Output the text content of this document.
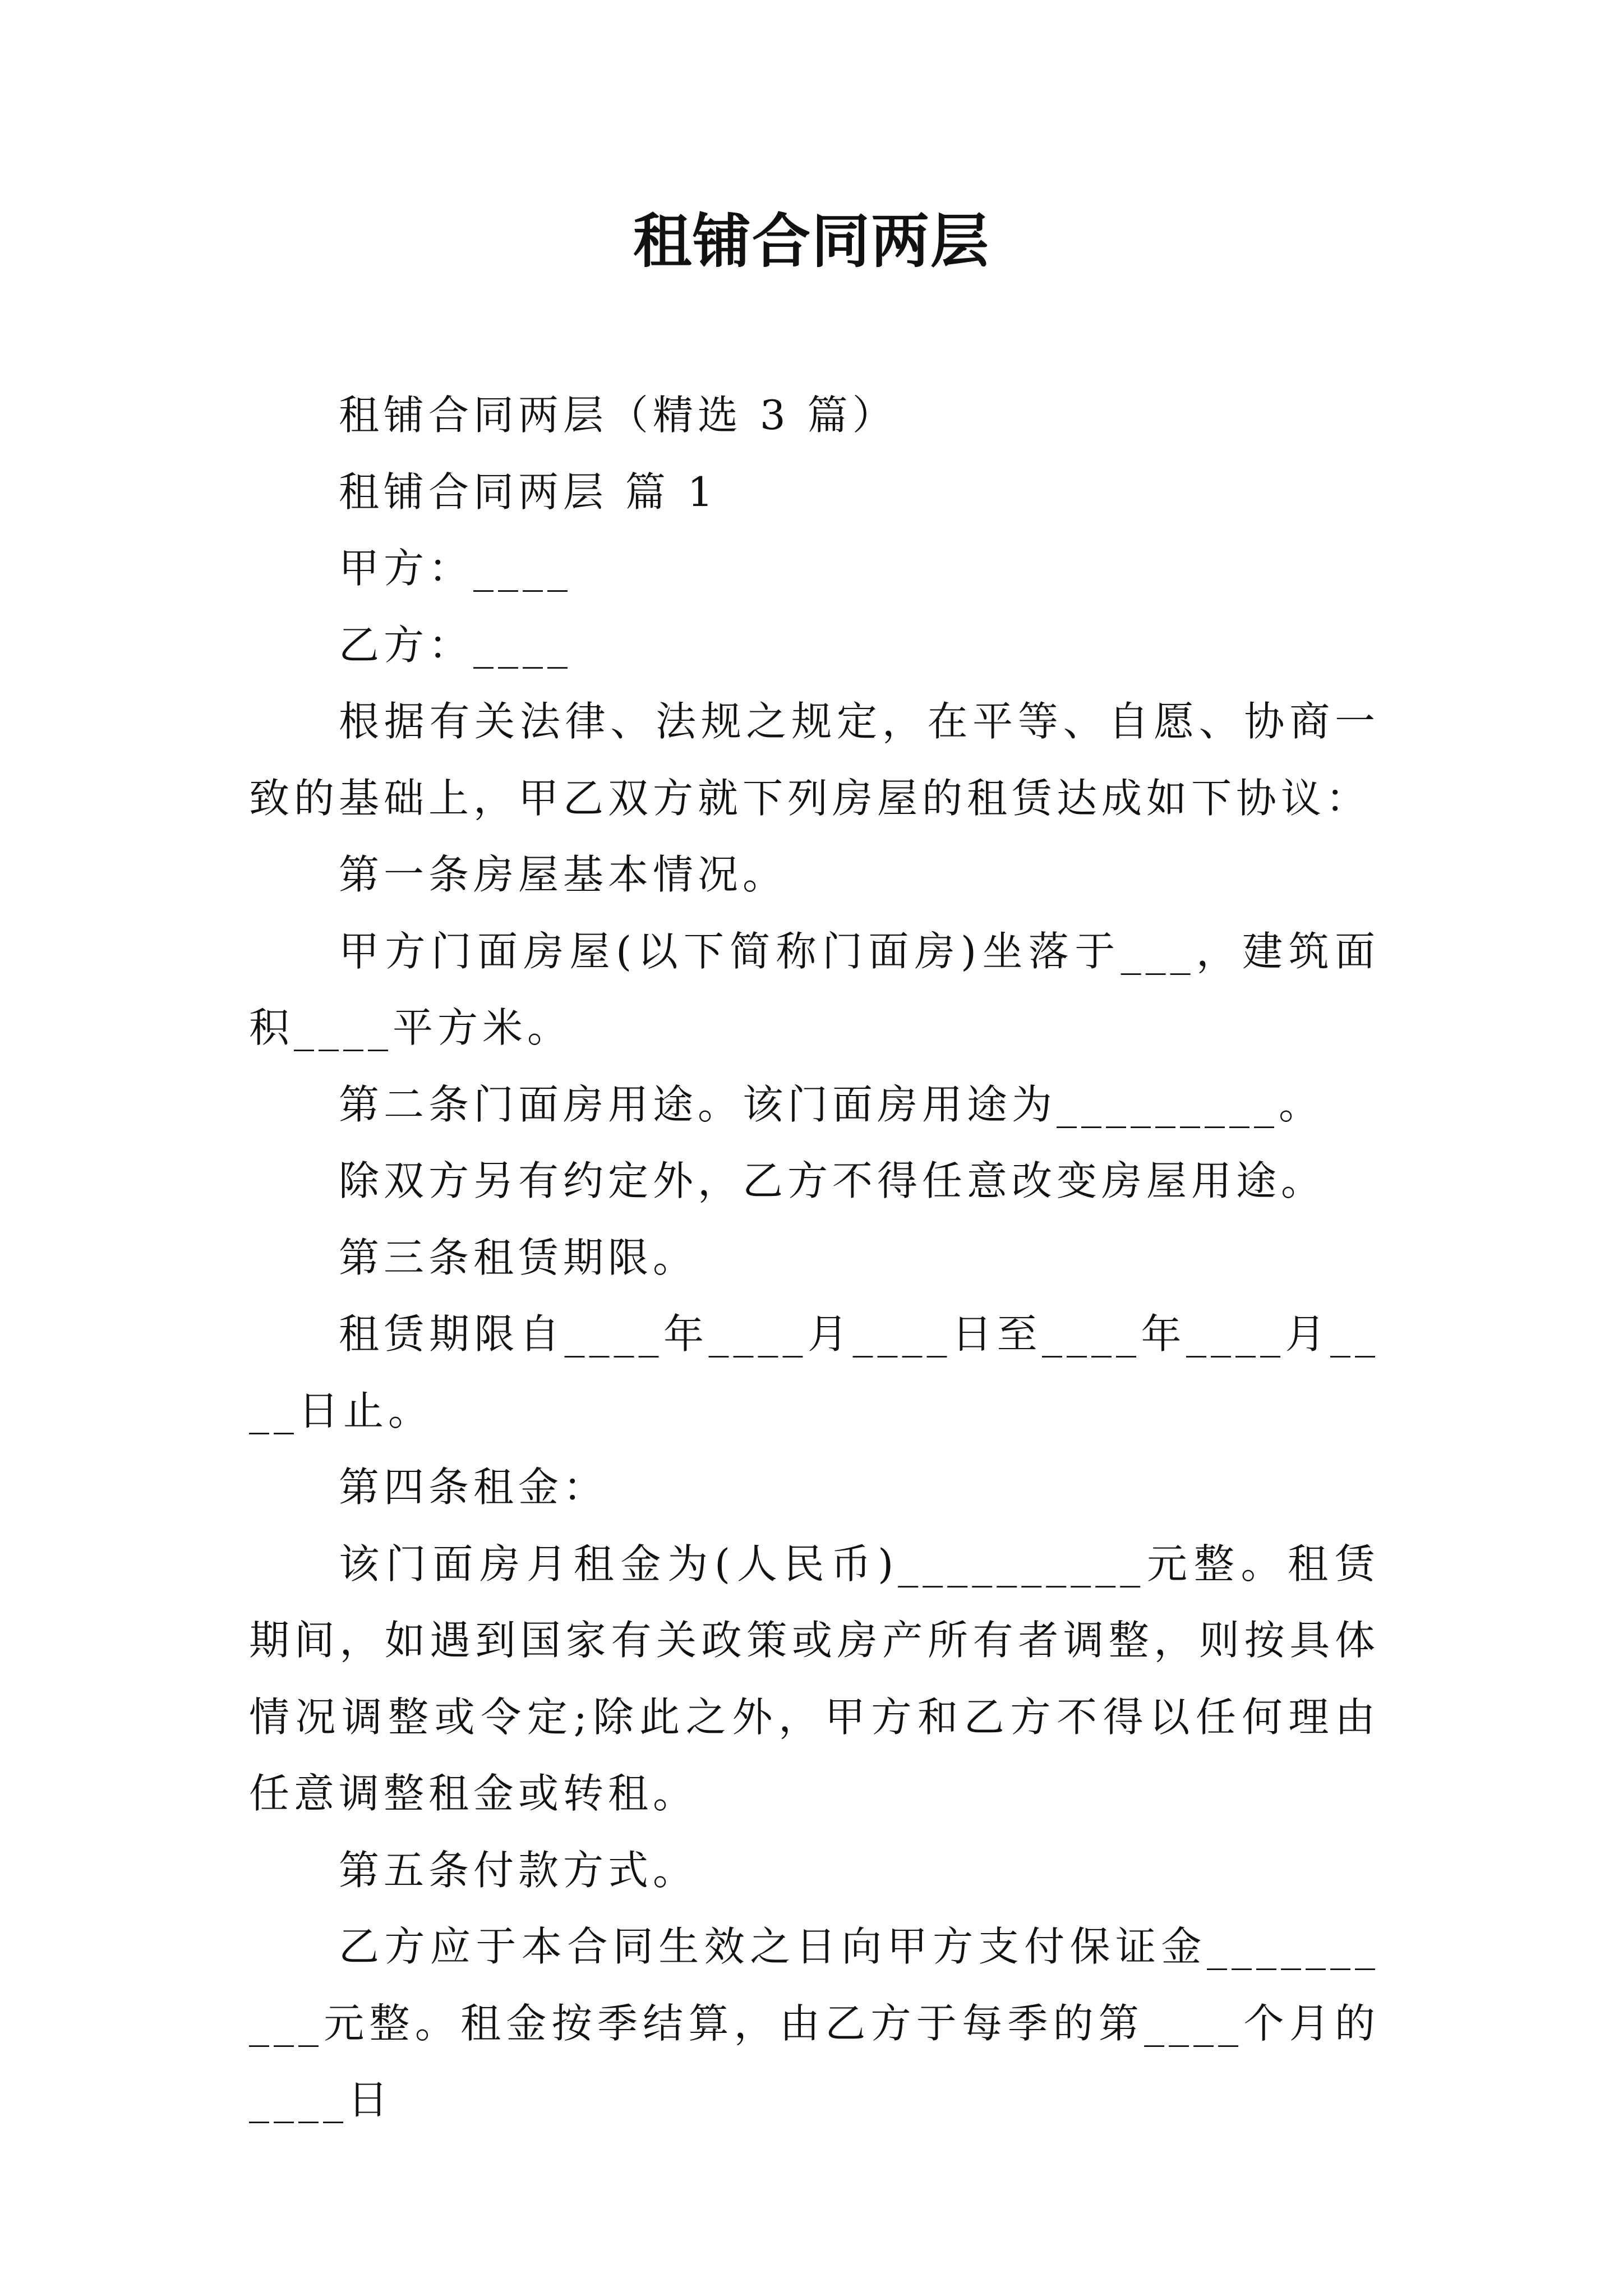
租铺合同两层

租铺合同两层（精选 3 篇）

租铺合同两层 篇 1

甲方：____

乙方：____

根据有关法律、法规之规定，在平等、自愿、协商一致的基础上，甲乙双方就下列房屋的租赁达成如下协议：

第一条房屋基本情况。

甲方门面房屋(以下简称门面房)坐落于___，建筑面积____平方米。

第二条门面房用途。该门面房用途为_________。

除双方另有约定外，乙方不得任意改变房屋用途。

第三条租赁期限。

租赁期限自____年____月____日至____年____月____日止。

第四条租金：

该门面房月租金为(人民币)__________元整。租赁期间，如遇到国家有关政策或房产所有者调整，则按具体情况调整或令定;除此之外，甲方和乙方不得以任何理由任意调整租金或转租。

第五条付款方式。

乙方应于本合同生效之日向甲方支付保证金__________元整。租金按季结算，由乙方于每季的第____个月的____日
